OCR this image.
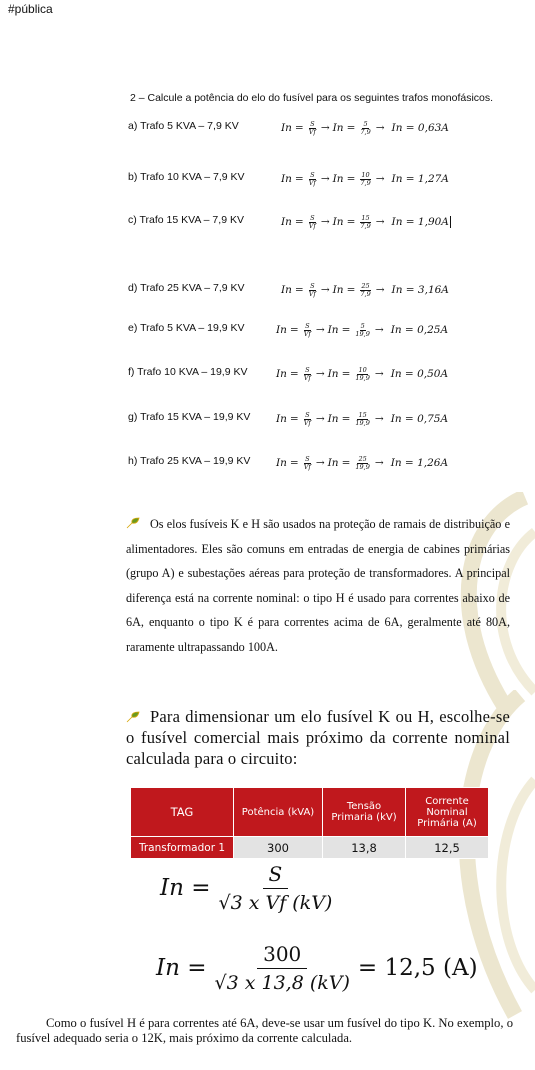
#pública
2 – Calcule a potência do elo do fusível para os seguintes trafos monofásicos.
a) Trafo 5 KVA – 7,9 KV	$In = \frac{S}{Vf} \to In = \frac{5}{7,9} \to In = 0,63A$
b) Trafo 10 KVA – 7,9 KV	$In = \frac{S}{Vf} \to In = \frac{10}{7,9} \to In = 1,27A$
c) Trafo 15 KVA – 7,9 KV	$In = \frac{S}{Vf} \to In = \frac{15}{7,9} \to In = 1,90A$
d) Trafo 25 KVA – 7,9 KV	$In = \frac{S}{Vf} \to In = \frac{25}{7,9} \to In = 3,16A$
e) Trafo 5 KVA – 19,9 KV	$In = \frac{S}{Vf} \to In = \frac{5}{19,9} \to In = 0,25A$
f) Trafo 10 KVA – 19,9 KV	$In = \frac{S}{Vf} \to In = \frac{10}{19,9} \to In = 0,50A$
g) Trafo 15 KVA – 19,9 KV $In = \frac{S}{Vf} \to In = \frac{15}{19,9} \to In = 0,75A$
h) Trafo 25 KVA – 19,9 KV $In = \frac{S}{Vf} \to In = \frac{25}{19,9} \to In = 1,26A$
Os elos fusíveis K e H são usados na proteção de ramais de distribuição e alimentadores. Eles são comuns em entradas de energia de cabines primárias (grupo A) e subestações aéreas para proteção de transformadores. A principal diferença está na corrente nominal: o tipo H é usado para correntes abaixo de 6A, enquanto o tipo K é para correntes acima de 6A, geralmente até 80A, raramente ultrapassando 100A.
Para dimensionar um elo fusível K ou H, escolhe-se o fusível comercial mais próximo da corrente nominal calculada para o circuito:
TAG	Potência (kVA)	Tensão Primaria (kV)	Corrente Nominal Primária (A)
Transformador 1	300	13,8	12,5
$In = \frac{S}{\text{√3 x Vf (kV)}}$
$In = \frac{300}{√3 x 13,8 (kV)} = 12,5$ (A)
Como o fusível H é para correntes até 6A, deve-se usar um fusível do tipo K. No exemplo, o fusível adequado seria o 12K, mais próximo da corrente calculada.
